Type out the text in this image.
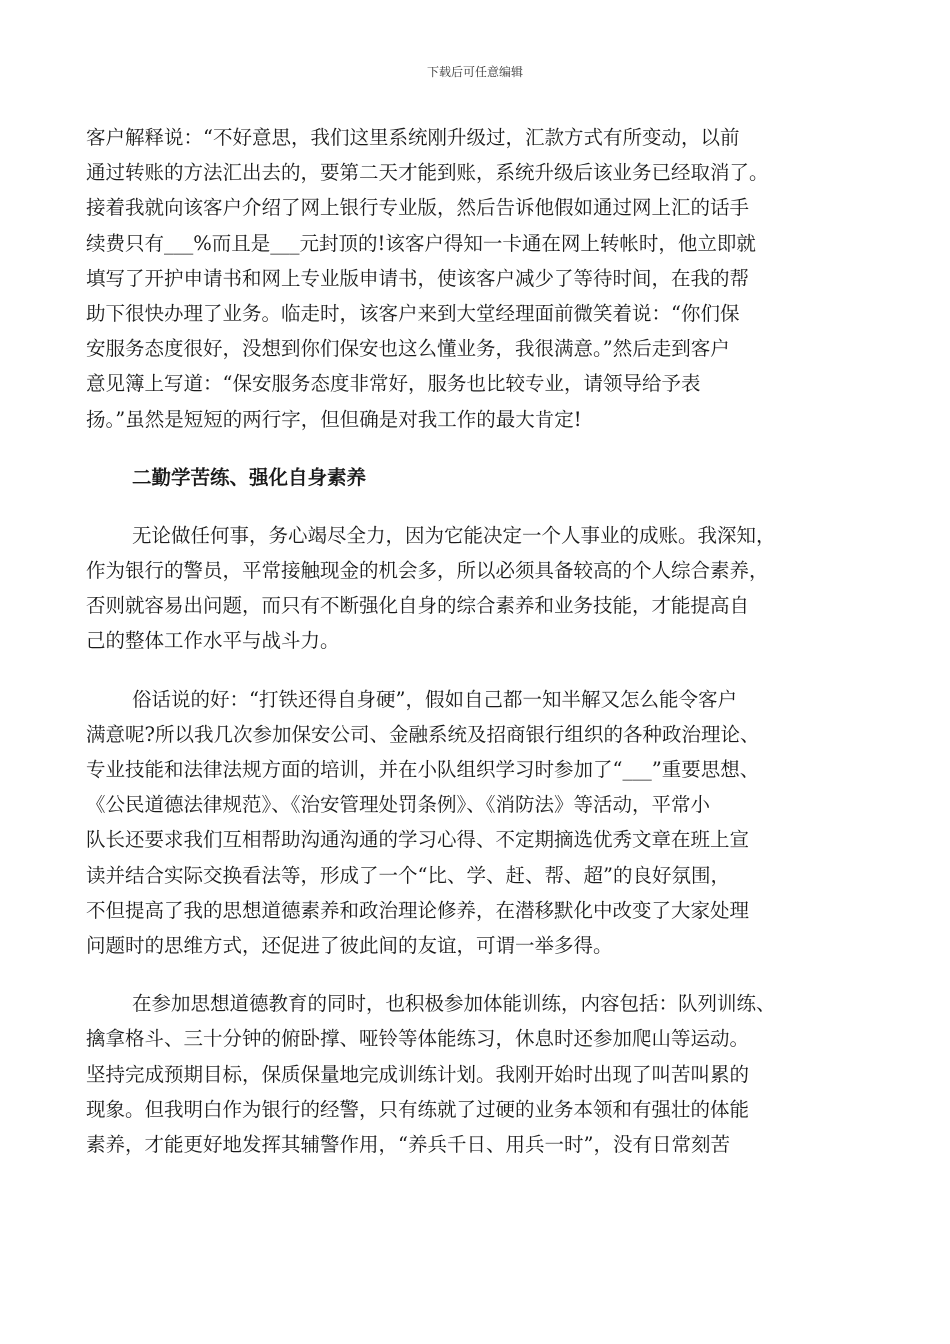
下载后可任意编辑
客户解释说：“不好意思，我们这里系统刚升级过，汇款方式有所变动，以前
通过转账的方法汇出去的，要第二天才能到账，系统升级后该业务已经取消了。
接着我就向该客户介绍了网上银行专业版，然后告诉他假如通过网上汇的话手
续费只有___%而且是___元封顶的!该客户得知一卡通在网上转帐时，他立即就
填写了开护申请书和网上专业版申请书，使该客户减少了等待时间，在我的帮
助下很快办理了业务。临走时，该客户来到大堂经理面前微笑着说：“你们保
安服务态度很好，没想到你们保安也这么懂业务，我很满意。”然后走到客户
意见簿上写道：“保安服务态度非常好，服务也比较专业，请领导给予表
扬。”虽然是短短的两行字，但但确是对我工作的最大肯定!
二勤学苦练、强化自身素养
无论做任何事，务心竭尽全力，因为它能决定一个人事业的成账。我深知，
作为银行的警员，平常接触现金的机会多，所以必须具备较高的个人综合素养，
否则就容易出问题，而只有不断强化自身的综合素养和业务技能，才能提高自
己的整体工作水平与战斗力。
俗话说的好：“打铁还得自身硬”，假如自己都一知半解又怎么能令客户
满意呢?所以我几次参加保安公司、金融系统及招商银行组织的各种政治理论、
专业技能和法律法规方面的培训，并在小队组织学习时参加了“___”重要思想、
《公民道德法律规范》、《治安管理处罚条例》、《消防法》等活动，平常小
队长还要求我们互相帮助沟通沟通的学习心得、不定期摘选优秀文章在班上宣
读并结合实际交换看法等，形成了一个“比、学、赶、帮、超”的良好氛围，
不但提高了我的思想道德素养和政治理论修养，在潜移默化中改变了大家处理
问题时的思维方式，还促进了彼此间的友谊，可谓一举多得。
在参加思想道德教育的同时，也积极参加体能训练，内容包括：队列训练、
擒拿格斗、三十分钟的俯卧撑、哑铃等体能练习，休息时还参加爬山等运动。
坚持完成预期目标，保质保量地完成训练计划。我刚开始时出现了叫苦叫累的
现象。但我明白作为银行的经警，只有练就了过硬的业务本领和有强壮的体能
素养，才能更好地发挥其辅警作用，“养兵千日、用兵一时”，没有日常刻苦
